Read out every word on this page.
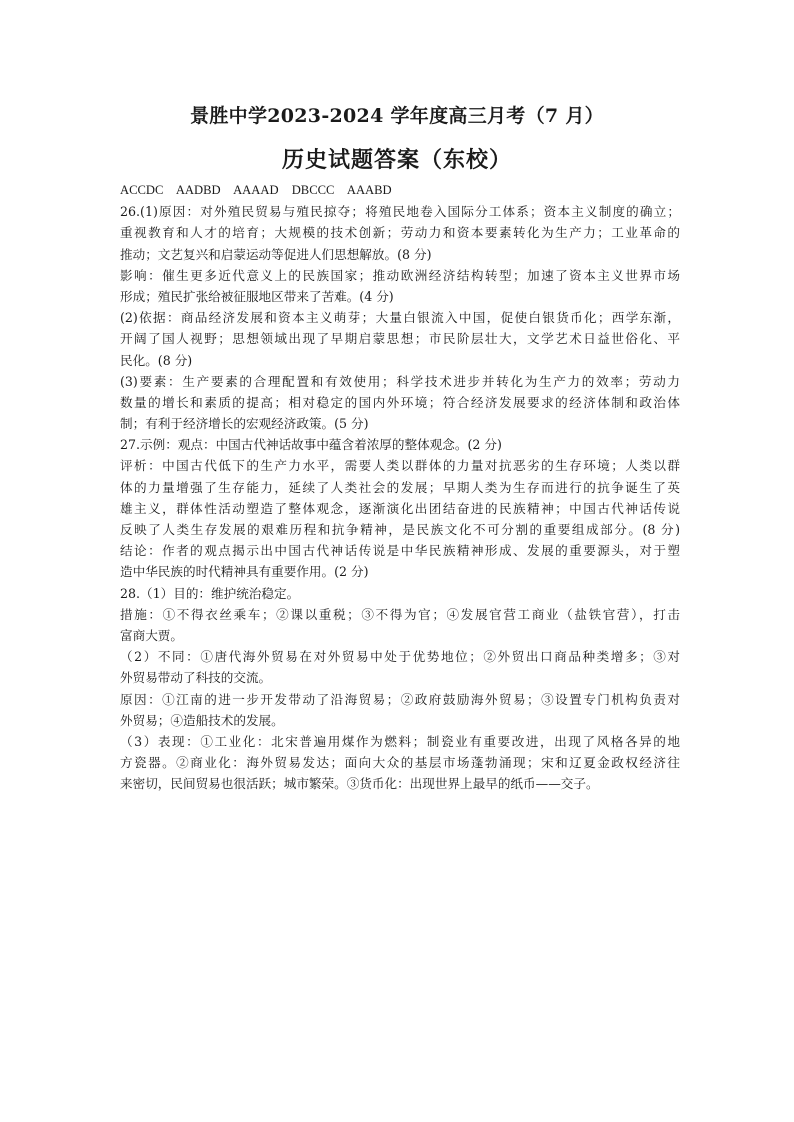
景胜中学2023-2024 学年度高三月考（7 月）
历史试题答案（东校）
ACCDC AADBD AAAAD DBCCC AAABD
26.(1)原因：对外殖民贸易与殖民掠夺；将殖民地卷入国际分工体系；资本主义制度的确立；
重视教育和人才的培育；大规模的技术创新；劳动力和资本要素转化为生产力；工业革命的
推动；文艺复兴和启蒙运动等促进人们思想解放。(8 分)
影响：催生更多近代意义上的民族国家；推动欧洲经济结构转型；加速了资本主义世界市场
形成；殖民扩张给被征服地区带来了苦难。(4 分)
(2)依据：商品经济发展和资本主义萌芽；大量白银流入中国，促使白银货币化；西学东渐，
开阔了国人视野；思想领域出现了早期启蒙思想；市民阶层壮大，文学艺术日益世俗化、平
民化。(8 分)
(3)要素：生产要素的合理配置和有效使用；科学技术进步并转化为生产力的效率；劳动力
数量的增长和素质的提高；相对稳定的国内外环境；符合经济发展要求的经济体制和政治体
制；有利于经济增长的宏观经济政策。(5 分)
27.示例：观点：中国古代神话故事中蕴含着浓厚的整体观念。(2 分)
评析：中国古代低下的生产力水平，需要人类以群体的力量对抗恶劣的生存环境；人类以群
体的力量增强了生存能力，延续了人类社会的发展；早期人类为生存而进行的抗争诞生了英
雄主义，群体性活动塑造了整体观念，逐渐演化出团结奋进的民族精神；中国古代神话传说
反映了人类生存发展的艰难历程和抗争精神，是民族文化不可分割的重要组成部分。(8 分)
结论：作者的观点揭示出中国古代神话传说是中华民族精神形成、发展的重要源头，对于塑
造中华民族的时代精神具有重要作用。(2 分)
28.（1）目的：维护统治稳定。
措施：①不得衣丝乘车；②课以重税；③不得为官；④发展官营工商业（盐铁官营），打击
富商大贾。
（2）不同：①唐代海外贸易在对外贸易中处于优势地位；②外贸出口商品种类增多；③对
外贸易带动了科技的交流。
原因：①江南的进一步开发带动了沿海贸易；②政府鼓励海外贸易；③设置专门机构负责对
外贸易；④造船技术的发展。
（3）表现：①工业化：北宋普遍用煤作为燃料；制瓷业有重要改进，出现了风格各异的地
方瓷器。②商业化：海外贸易发达；面向大众的基层市场蓬勃涌现；宋和辽夏金政权经济往
来密切，民间贸易也很活跃；城市繁荣。③货币化：出现世界上最早的纸币——交子。
